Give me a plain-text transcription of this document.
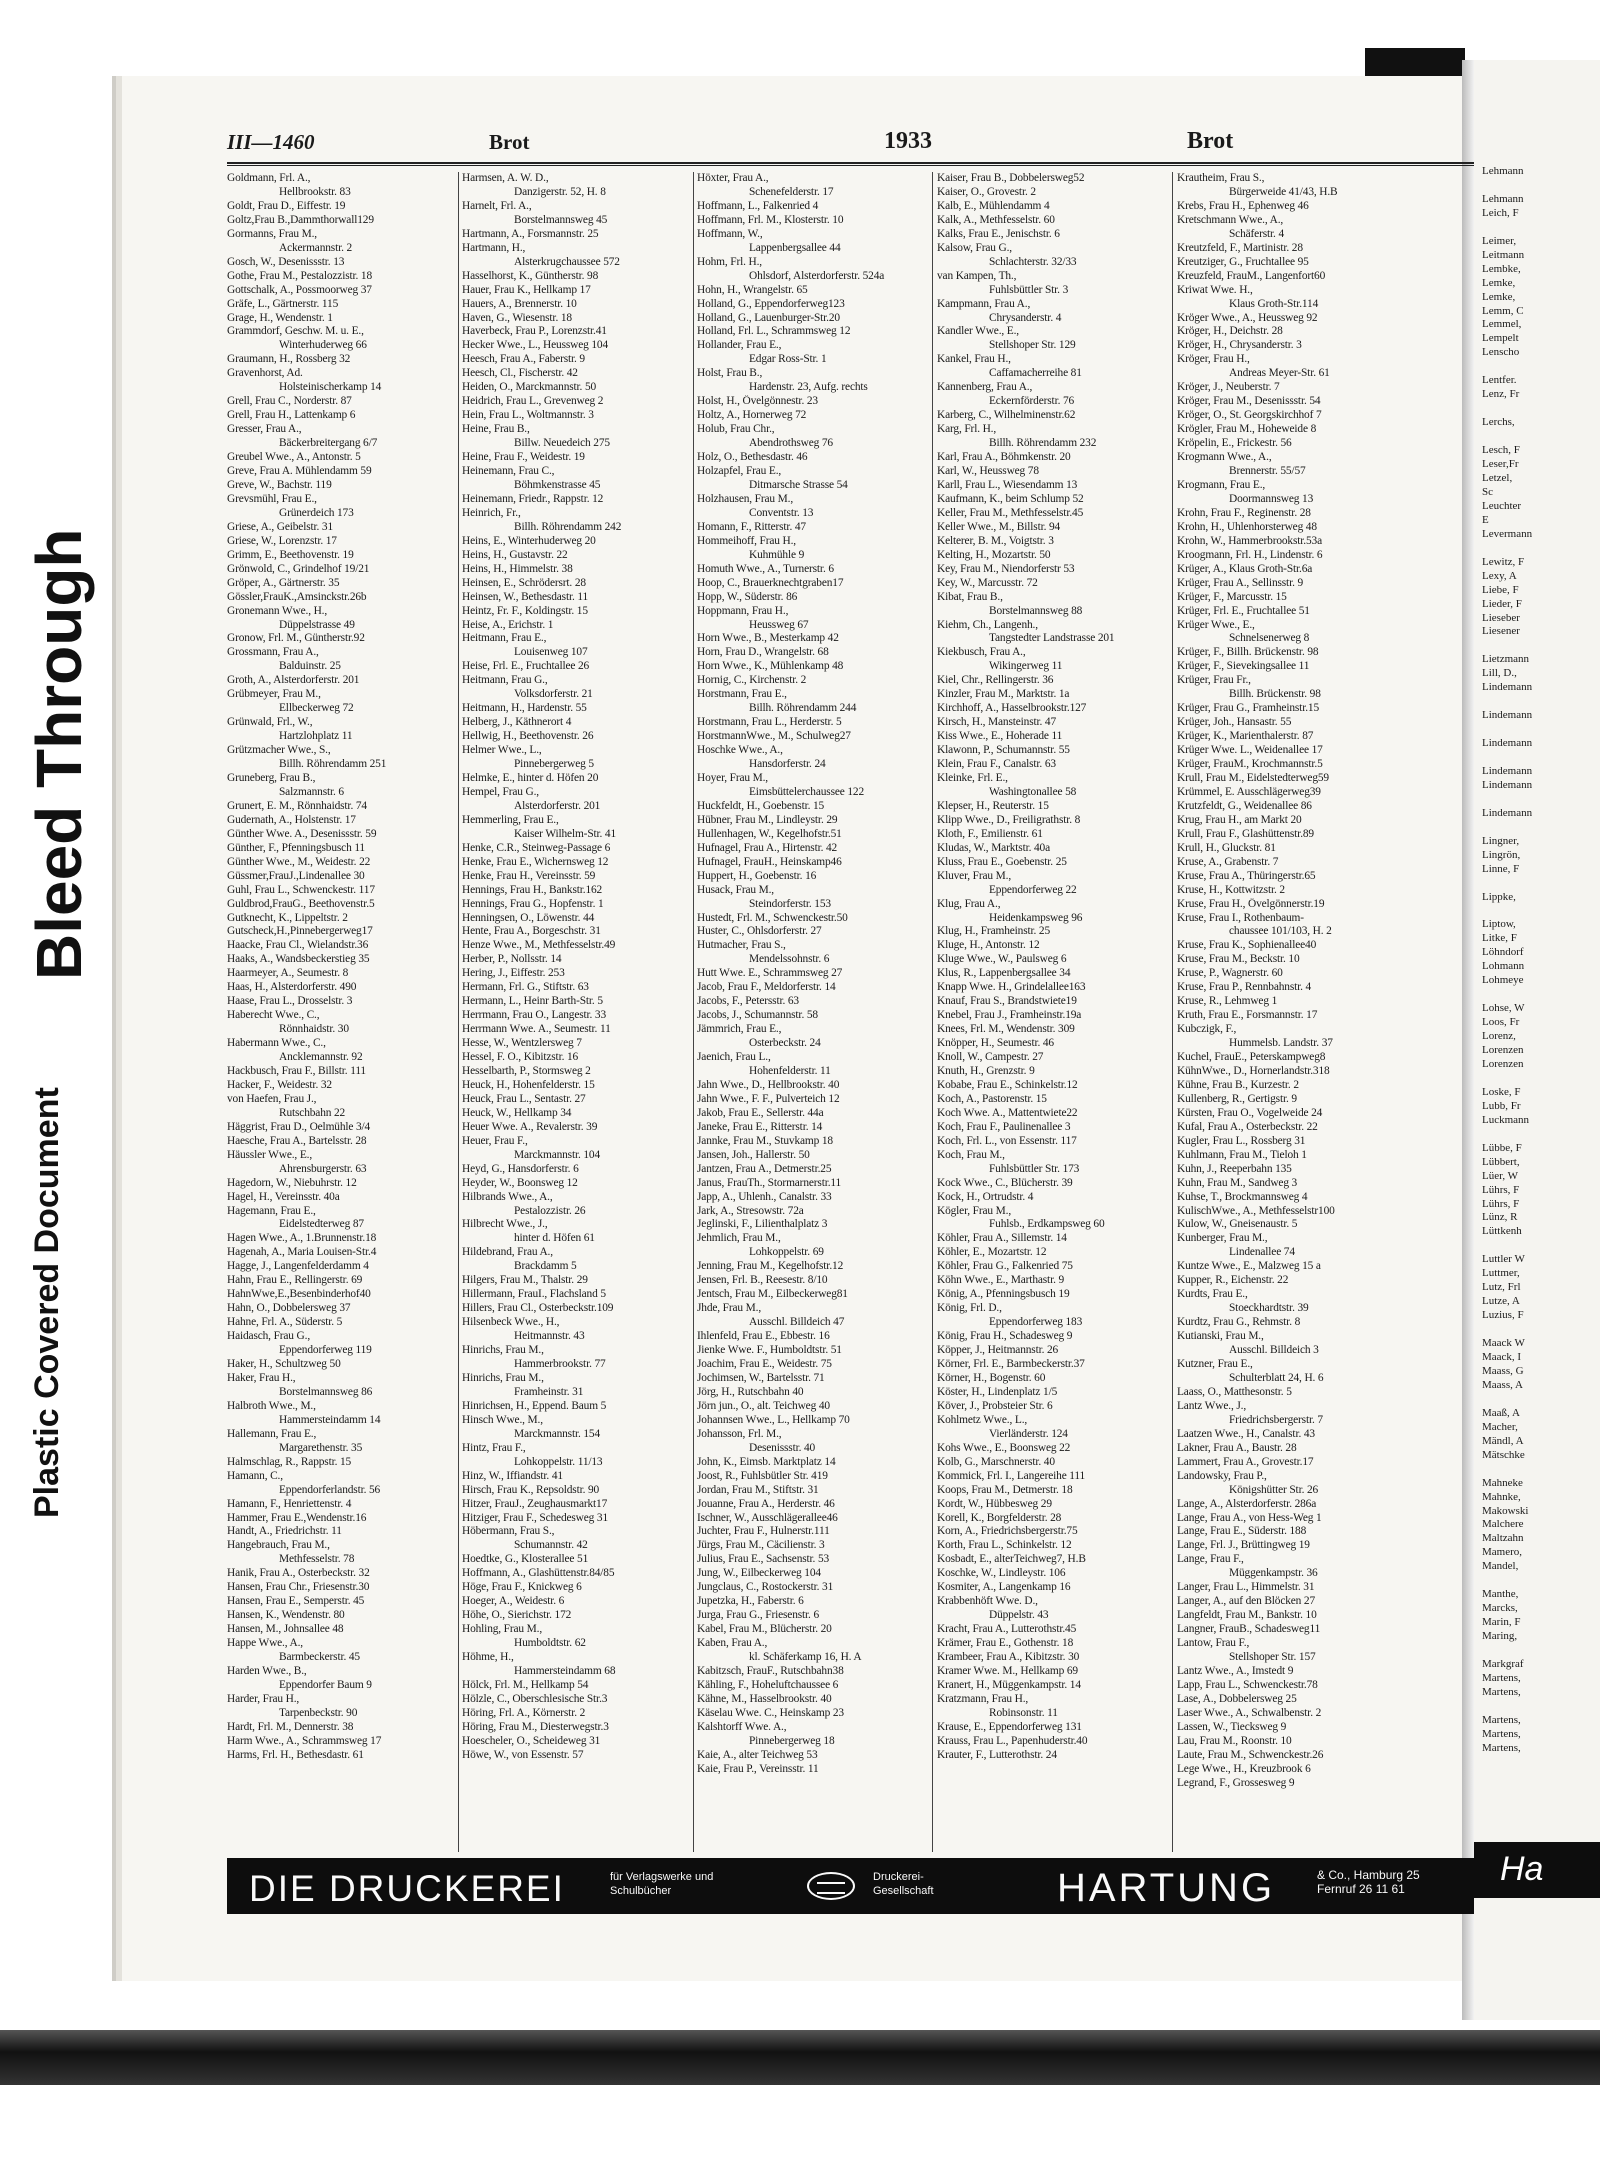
Bleed Through
Plastic Covered Document
III—1460	Brot	1933	Brot
Goldmann, Frl. A.,
Hellbrookstr. 83
Goldt, Frau D., Eiffestr. 19
Goltz,Frau B.,Dammthorwall129
Gormanns, Frau M.,
Ackermannstr. 2
Gosch, W., Desenissstr. 13
Gothe, Frau M., Pestalozzistr. 18
Gottschalk, A., Possmoorweg 37
Gräfe, L., Gärtnerstr. 115
Grage, H., Wendenstr. 1
Grammdorf, Geschw. M. u. E.,
Winterhuderweg 66
Graumann, H., Rossberg 32
Gravenhorst, Ad.
Holsteinischerkamp 14
Grell, Frau C., Norderstr. 87
Grell, Frau H., Lattenkamp 6
Gresser, Frau A.,
Bäckerbreitergang 6/7
Greubel Wwe., A., Antonstr. 5
Greve, Frau A. Mühlendamm 59
Greve, W., Bachstr. 119
Grevsmühl, Frau E.,
Grünerdeich 173
Griese, A., Geibelstr. 31
Griese, W., Lorenzstr. 17
Grimm, E., Beethovenstr. 19
Grönwold, C., Grindelhof 19/21
Gröper, A., Gärtnerstr. 35
Gössler,FrauK.,Amsinckstr.26b
Gronemann Wwe., H.,
Düppelstrasse 49
Gronow, Frl. M., Güntherstr.92
Grossmann, Frau A.,
Balduinstr. 25
Groth, A., Alsterdorferstr. 201
Grübmeyer, Frau M.,
Ellbeckerweg 72
Grünwald, Frl., W.,
Hartzlohplatz 11
Grützmacher Wwe., S.,
Billh. Röhrendamm 251
Gruneberg, Frau B.,
Salzmannstr. 6
Grunert, E. M., Rönnhaidstr. 74
Gudernath, A., Holstenstr. 17
Günther Wwe. A., Desenissstr. 59
Günther, F., Pfenningsbusch 11
Günther Wwe., M., Weidestr. 22
Güssmer,FrauJ.,Lindenallee 30
Guhl, Frau L., Schwenckestr. 117
Guldbrod,FrauG., Beethovenstr.5
Gutknecht, K., Lippeltstr. 2
Gutscheck,H.,Pinnebergerweg17
Haacke, Frau Cl., Wielandstr.36
Haaks, A., Wandsbeckerstieg 35
Haarmeyer, A., Seumestr. 8
Haas, H., Alsterdorferstr. 490
Haase, Frau L., Drosselstr. 3
Haberecht Wwe., C.,
Rönnhaidstr. 30
Habermann Wwe., C.,
Ancklemannstr. 92
Hackbusch, Frau F., Billstr. 111
Hacker, F., Weidestr. 32
von Haefen, Frau J.,
Rutschbahn 22
Häggrist, Frau D., Oelmühle 3/4
Haesche, Frau A., Bartelsstr. 28
Häussler Wwe., E.,
Ahrensburgerstr. 63
Hagedorn, W., Niebuhrstr. 12
Hagel, H., Vereinsstr. 40a
Hagemann, Frau E.,
Eidelstedterweg 87
Hagen Wwe., A., 1.Brunnenstr.18
Hagenah, A., Maria Louisen-Str.4
Hagge, J., Langenfelderdamm 4
Hahn, Frau E., Rellingerstr. 69
HahnWwe,E.,Besenbinderhof40
Hahn, O., Dobbelersweg 37
Hahne, Frl. A., Süderstr. 5
Haidasch, Frau G.,
Eppendorferweg 119
Haker, H., Schultzweg 50
Haker, Frau H.,
Borstelmannsweg 86
Halbroth Wwe., M.,
Hammersteindamm 14
Hallemann, Frau E.,
Margarethenstr. 35
Halmschlag, R., Rappstr. 15
Hamann, C.,
Eppendorferlandstr. 56
Hamann, F., Henriettenstr. 4
Hammer, Frau E.,Wendenstr.16
Handt, A., Friedrichstr. 11
Hangebrauch, Frau M.,
Methfesselstr. 78
Hanik, Frau A., Osterbeckstr. 32
Hansen, Frau Chr., Friesenstr.30
Hansen, Frau E., Semperstr. 45
Hansen, K., Wendenstr. 80
Hansen, M., Johnsallee 48
Happe Wwe., A.,
Barmbeckerstr. 45
Harden Wwe., B.,
Eppendorfer Baum 9
Harder, Frau H.,
Tarpenbeckstr. 90
Hardt, Frl. M., Dennerstr. 38
Harm Wwe., A., Schrammsweg 17
Harms, Frl. H., Bethesdastr. 61
Harmsen, A. W. D.,
Danzigerstr. 52, H. 8
Harnelt, Frl. A.,
Borstelmannsweg 45
Hartmann, A., Forsmannstr. 25
Hartmann, H.,
Alsterkrugchaussee 572
Hasselhorst, K., Güntherstr. 98
Hauer, Frau K., Hellkamp 17
Hauers, A., Brennerstr. 10
Haven, G., Wiesenstr. 18
Haverbeck, Frau P., Lorenzstr.41
Hecker Wwe., L., Heussweg 104
Heesch, Frau A., Faberstr. 9
Heesch, Cl., Fischerstr. 42
Heiden, O., Marckmannstr. 50
Heidrich, Frau L., Grevenweg 2
Hein, Frau L., Woltmannstr. 3
Heine, Frau B.,
Billw. Neuedeich 275
Heine, Frau F., Weidestr. 19
Heinemann, Frau C.,
Böhmkenstrasse 45
Heinemann, Friedr., Rappstr. 12
Heinrich, Fr.,
Billh. Röhrendamm 242
Heins, E., Winterhuderweg 20
Heins, H., Gustavstr. 22
Heins, H., Himmelstr. 38
Heinsen, E., Schrödersrt. 28
Heinsen, W., Bethesdastr. 11
Heintz, Fr. F., Koldingstr. 15
Heise, A., Erichstr. 1
Heitmann, Frau E.,
Louisenweg 107
Heise, Frl. E., Fruchtallee 26
Heitmann, Frau G.,
Volksdorferstr. 21
Heitmann, H., Hardenstr. 55
Helberg, J., Käthnerort 4
Hellwig, H., Beethovenstr. 26
Helmer Wwe., L.,
Pinnebergerweg 5
Helmke, E., hinter d. Höfen 20
Hempel, Frau G.,
Alsterdorferstr. 201
Hemmerling, Frau E.,
Kaiser Wilhelm-Str. 41
Henke, C.R., Steinweg-Passage 6
Henke, Frau E., Wichernsweg 12
Henke, Frau H., Vereinsstr. 59
Hennings, Frau H., Bankstr.162
Hennings, Frau G., Hopfenstr. 1
Henningsen, O., Löwenstr. 44
Hente, Frau A., Borgeschstr. 31
Henze Wwe., M., Methfesselstr.49
Herber, P., Nollsstr. 14
Hering, J., Eiffestr. 253
Hermann, Frl. G., Stiftstr. 63
Hermann, L., Heinr Barth-Str. 5
Herrmann, Frau O., Langestr. 33
Herrmann Wwe. A., Seumestr. 11
Hesse, W., Wentzlersweg 7
Hessel, F. O., Kibitzstr. 16
Hesselbarth, P., Stormsweg 2
Heuck, H., Hohenfelderstr. 15
Heuck, Frau L., Sentastr. 27
Heuck, W., Hellkamp 34
Heuer Wwe. A., Revalerstr. 39
Heuer, Frau F.,
Marckmannstr. 104
Heyd, G., Hansdorferstr. 6
Heyder, W., Boonsweg 12
Hilbrands Wwe., A.,
Pestalozzistr. 26
Hilbrecht Wwe., J.,
hinter d. Höfen 61
Hildebrand, Frau A.,
Brackdamm 5
Hilgers, Frau M., Thalstr. 29
Hillermann, FrauI., Flachsland 5
Hillers, Frau Cl., Osterbeckstr.109
Hilsenbeck Wwe., H.,
Heitmannstr. 43
Hinrichs, Frau M.,
Hammerbrookstr. 77
Hinrichs, Frau M.,
Framheinstr. 31
Hinrichsen, H., Eppend. Baum 5
Hinsch Wwe., M.,
Marckmannstr. 154
Hintz, Frau F.,
Lohkoppelstr. 11/13
Hinz, W., Iffiandstr. 41
Hirsch, Frau K., Repsoldstr. 90
Hitzer, FrauJ., Zeughausmarkt17
Hitziger, Frau F., Schedesweg 31
Höbermann, Frau S.,
Schumannstr. 42
Hoedtke, G., Klosterallee 51
Hoffmann, A., Glashüttenstr.84/85
Höge, Frau F., Knickweg 6
Hoeger, A., Weidestr. 6
Höhe, O., Sierichstr. 172
Hohling, Frau M.,
Humboldtstr. 62
Höhme, H.,
Hammersteindamm 68
Hölck, Frl. M., Hellkamp 54
Hölzle, C., Oberschlesische Str.3
Höring, Frl. A., Körnerstr. 2
Höring, Frau M., Diesterwegstr.3
Hoescheler, O., Scheideweg 31
Höwe, W., von Essenstr. 57
Höxter, Frau A.,
Schenefelderstr. 17
Hoffmann, L., Falkenried 4
Hoffmann, Frl. M., Klosterstr. 10
Hoffmann, W.,
Lappenbergsallee 44
Hohm, Frl. H.,
Ohlsdorf, Alsterdorferstr. 524a
Hohn, H., Wrangelstr. 65
Holland, G., Eppendorferweg123
Holland, G., Lauenburger-Str.20
Holland, Frl. L., Schrammsweg 12
Hollander, Frau E.,
Edgar Ross-Str. 1
Holst, Frau B.,
Hardenstr. 23, Aufg. rechts
Holst, H., Övelgönnestr. 23
Holtz, A., Hornerweg 72
Holub, Frau Chr.,
Abendrothsweg 76
Holz, O., Bethesdastr. 46
Holzapfel, Frau E.,
Ditmarsche Strasse 54
Holzhausen, Frau M.,
Conventstr. 13
Homann, F., Ritterstr. 47
Hommeihoff, Frau H.,
Kuhmühle 9
Homuth Wwe., A., Turnerstr. 6
Hoop, C., Brauerknechtgraben17
Hopp, W., Süderstr. 86
Hoppmann, Frau H.,
Heussweg 67
Horn Wwe., B., Mesterkamp 42
Horn, Frau D., Wrangelstr. 68
Horn Wwe., K., Mühlenkamp 48
Hornig, C., Kirchenstr. 2
Horstmann, Frau E.,
Billh. Röhrendamm 244
Horstmann, Frau L., Herderstr. 5
HorstmannWwe., M., Schulweg27
Hoschke Wwe., A.,
Hansdorferstr. 24
Hoyer, Frau M.,
Eimsbüttelerchaussee 122
Huckfeldt, H., Goebenstr. 15
Hübner, Frau M., Lindleystr. 29
Hullenhagen, W., Kegelhofstr.51
Hufnagel, Frau A., Hirtenstr. 42
Hufnagel, FrauH., Heinskamp46
Huppert, H., Goebenstr. 16
Husack, Frau M.,
Steindorferstr. 153
Hustedt, Frl. M., Schwenckestr.50
Huster, C., Ohlsdorferstr. 27
Hutmacher, Frau S.,
Mendelssohnstr. 6
Hutt Wwe. E., Schrammsweg 27
Jacob, Frau F., Meldorferstr. 14
Jacobs, F., Petersstr. 63
Jacobs, J., Schumannstr. 58
Jämmrich, Frau E.,
Osterbeckstr. 24
Jaenich, Frau L.,
Hohenfelderstr. 11
Jahn Wwe., D., Hellbrookstr. 40
Jahn Wwe., F. F., Pulverteich 12
Jakob, Frau E., Sellerstr. 44a
Janeke, Frau E., Ritterstr. 14
Jannke, Frau M., Stuvkamp 18
Jansen, Joh., Hallerstr. 50
Jantzen, Frau A., Detmerstr.25
Janus, FrauTh., Stormarnerstr.11
Japp, A., Uhlenh., Canalstr. 33
Jark, A., Stresowstr. 72a
Jeglinski, F., Lilienthalplatz 3
Jehmlich, Frau M.,
Lohkoppelstr. 69
Jenning, Frau M., Kegelhofstr.12
Jensen, Frl. B., Reesestr. 8/10
Jentsch, Frau M., Eilbeckerweg81
Jhde, Frau M.,
Ausschl. Billdeich 47
Ihlenfeld, Frau E., Ebbestr. 16
Jienke Wwe. F., Humboldtstr. 51
Joachim, Frau E., Weidestr. 75
Jochimsen, W., Bartelsstr. 71
Jörg, H., Rutschbahn 40
Jörn jun., O., alt. Teichweg 40
Johannsen Wwe., L., Hellkamp 70
Johansson, Frl. M.,
Desenissstr. 40
John, K., Eimsb. Marktplatz 14
Joost, R., Fuhlsbütler Str. 419
Jordan, Frau M., Stiftstr. 31
Jouanne, Frau A., Herderstr. 46
Ischner, W., Ausschlägerallee46
Juchter, Frau F., Hulnerstr.111
Jürgs, Frau M., Cäcilienstr. 3
Julius, Frau E., Sachsenstr. 53
Jung, W., Eilbeckerweg 104
Jungclaus, C., Rostockerstr. 31
Jupetzka, H., Faberstr. 6
Jurga, Frau G., Friesenstr. 6
Kabel, Frau M., Blücherstr. 20
Kaben, Frau A.,
kl. Schäferkamp 16, H. A
Kabitzsch, FrauF., Rutschbahn38
Kähling, F., Hoheluftchaussee 6
Kähne, M., Hasselbrookstr. 40
Käselau Wwe. C., Heinskamp 23
Kalshtorff Wwe. A.,
Pinnebergerweg 18
Kaie, A., alter Teichweg 53
Kaie, Frau P., Vereinsstr. 11
Kaiser, Frau B., Dobbelersweg52
Kaiser, O., Grovestr. 2
Kalb, E., Mühlendamm 4
Kalk, A., Methfesselstr. 60
Kalks, Frau E., Jenischstr. 6
Kalsow, Frau G.,
Schlachterstr. 32/33
van Kampen, Th.,
Fuhlsbüttler Str. 3
Kampmann, Frau A.,
Chrysanderstr. 4
Kandler Wwe., E.,
Stellshoper Str. 129
Kankel, Frau H.,
Caffamacherreihe 81
Kannenberg, Frau A.,
Eckernförderstr. 76
Karberg, C., Wilhelminenstr.62
Karg, Frl. H.,
Billh. Röhrendamm 232
Karl, Frau A., Böhmkenstr. 20
Karl, W., Heussweg 78
Karll, Frau L., Wiesendamm 13
Kaufmann, K., beim Schlump 52
Keller, Frau M., Methfesselstr.45
Keller Wwe., M., Billstr. 94
Kelterer, B. M., Voigtstr. 3
Kelting, H., Mozartstr. 50
Key, Frau M., Niendorferstr 53
Key, W., Marcusstr. 72
Kibat, Frau B.,
Borstelmannsweg 88
Kiehm, Ch., Langenh.,
Tangstedter Landstrasse 201
Kiekbusch, Frau A.,
Wikingerweg 11
Kiel, Chr., Rellingerstr. 36
Kinzler, Frau M., Marktstr. 1a
Kirchhoff, A., Hasselbrookstr.127
Kirsch, H., Mansteinstr. 47
Kiss Wwe., E., Hoherade 11
Klawonn, P., Schumannstr. 55
Klein, Frau F., Canalstr. 63
Kleinke, Frl. E.,
Washingtonallee 58
Klepser, H., Reuterstr. 15
Klipp Wwe., D., Freiligrathstr. 8
Kloth, F., Emilienstr. 61
Kludas, W., Marktstr. 40a
Kluss, Frau E., Goebenstr. 25
Kluver, Frau M.,
Eppendorferweg 22
Klug, Frau A.,
Heidenkampsweg 96
Klug, H., Framheinstr. 25
Kluge, H., Antonstr. 12
Kluge Wwe., W., Paulsweg 6
Klus, R., Lappenbergsallee 34
Knapp Wwe. H., Grindelallee163
Knauf, Frau S., Brandstwiete19
Knebel, Frau J., Framheinstr.19a
Knees, Frl. M., Wendenstr. 309
Knöpper, H., Seumestr. 46
Knoll, W., Campestr. 27
Knuth, H., Grenzstr. 9
Kobabe, Frau E., Schinkelstr.12
Koch, A., Pastorenstr. 15
Koch Wwe. A., Mattentwiete22
Koch, Frau F., Paulinenallee 3
Koch, Frl. L., von Essenstr. 117
Koch, Frau M.,
Fuhlsbüttler Str. 173
Kock Wwe., C., Blücherstr. 39
Kock, H., Ortrudstr. 4
Kögler, Frau M.,
Fuhlsb., Erdkampsweg 60
Köhler, Frau A., Sillemstr. 14
Köhler, E., Mozartstr. 12
Köhler, Frau G., Falkenried 75
Köhn Wwe., E., Marthastr. 9
König, A., Pfenningsbusch 19
König, Frl. D.,
Eppendorferweg 183
König, Frau H., Schadesweg 9
Köpper, J., Heitmannstr. 26
Körner, Frl. E., Barmbeckerstr.37
Körner, H., Bogenstr. 60
Köster, H., Lindenplatz 1/5
Köver, J., Probsteier Str. 6
Kohlmetz Wwe., L.,
Vierländerstr. 124
Kohs Wwe., E., Boonsweg 22
Kolb, G., Marschnerstr. 40
Kommick, Frl. I., Langereihe 111
Koops, Frau M., Detmerstr. 18
Kordt, W., Hübbesweg 29
Korell, K., Borgfelderstr. 28
Korn, A., Friedrichsbergerstr.75
Korth, Frau L., Schinkelstr. 12
Kosbadt, E., alterTeichweg7, H.B
Koschke, W., Lindleystr. 106
Kosmiter, A., Langenkamp 16
Krabbenhöft Wwe. D.,
Düppelstr. 43
Kracht, Frau A., Lutterothstr.45
Krämer, Frau E., Gothenstr. 18
Krambeer, Frau A., Kibitzstr. 30
Kramer Wwe. M., Hellkamp 69
Kranert, H., Müggenkampstr. 14
Kratzmann, Frau H.,
Robinsonstr. 11
Krause, E., Eppendorferweg 131
Krauss, Frau L., Papenhuderstr.40
Krauter, F., Lutterothstr. 24
Krautheim, Frau S.,
Bürgerweide 41/43, H.B
Krebs, Frau H., Ephenweg 46
Kretschmann Wwe., A.,
Schäferstr. 4
Kreutzfeld, F., Martinistr. 28
Kreutziger, G., Fruchtallee 95
Kreuzfeld, FrauM., Langenfort60
Kriwat Wwe. H.,
Klaus Groth-Str.114
Kröger Wwe., A., Heussweg 92
Kröger, H., Deichstr. 28
Kröger, H., Chrysanderstr. 3
Kröger, Frau H.,
Andreas Meyer-Str. 61
Kröger, J., Neuberstr. 7
Kröger, Frau M., Desenissstr. 54
Kröger, O., St. Georgskirchhof 7
Krögler, Frau M., Hoheweide 8
Kröpelin, E., Frickestr. 56
Krogmann Wwe., A.,
Brennerstr. 55/57
Krogmann, Frau E.,
Doormannsweg 13
Krohn, Frau F., Reginenstr. 28
Krohn, H., Uhlenhorsterweg 48
Krohn, W., Hammerbrookstr.53a
Kroogmann, Frl. H., Lindenstr. 6
Krüger, A., Klaus Groth-Str.6a
Krüger, Frau A., Sellinsstr. 9
Krüger, F., Marcusstr. 15
Krüger, Frl. E., Fruchtallee 51
Krüger Wwe., E.,
Schnelsenerweg 8
Krüger, F., Billh. Brückenstr. 98
Krüger, F., Sievekingsallee 11
Krüger, Frau Fr.,
Billh. Brückenstr. 98
Krüger, Frau G., Framheinstr.15
Krüger, Joh., Hansastr. 55
Krüger, K., Marienthalerstr. 87
Krüger Wwe. L., Weidenallee 17
Krüger, FrauM., Krochmannstr.5
Krull, Frau M., Eidelstedterweg59
Krümmel, E. Ausschlägerweg39
Krutzfeldt, G., Weidenallee 86
Krug, Frau H., am Markt 20
Krull, Frau F., Glashüttenstr.89
Krull, H., Gluckstr. 81
Kruse, A., Grabenstr. 7
Kruse, Frau A., Thüringerstr.65
Kruse, H., Kottwitzstr. 2
Kruse, Frau H., Övelgönnerstr.19
Kruse, Frau I., Rothenbaum-
chaussee 101/103, H. 2
Kruse, Frau K., Sophienallee40
Kruse, Frau M., Beckstr. 10
Kruse, P., Wagnerstr. 60
Kruse, Frau P., Rennbahnstr. 4
Kruse, R., Lehmweg 1
Kruth, Frau E., Forsmannstr. 17
Kubczigk, F.,
Hummelsb. Landstr. 37
Kuchel, FrauE., Peterskampweg8
KühnWwe., D., Hornerlandstr.318
Kühne, Frau B., Kurzestr. 2
Kullenberg, R., Gertigstr. 9
Kürsten, Frau O., Vogelweide 24
Kufal, Frau A., Osterbeckstr. 22
Kugler, Frau L., Rossberg 31
Kuhlmann, Frau M., Tieloh 1
Kuhn, J., Reeperbahn 135
Kuhn, Frau M., Sandweg 3
Kuhse, T., Brockmannsweg 4
KulischWwe., A., Methfesselstr100
Kulow, W., Gneisenaustr. 5
Kunberger, Frau M.,
Lindenallee 74
Kuntze Wwe., E., Malzweg 15 a
Kupper, R., Eichenstr. 22
Kurdts, Frau E.,
Stoeckhardtstr. 39
Kurdtz, Frau G., Rehmstr. 8
Kutianski, Frau M.,
Ausschl. Billdeich 3
Kutzner, Frau E.,
Schulterblatt 24, H. 6
Laass, O., Matthesonstr. 5
Lantz Wwe., J.,
Friedrichsbergerstr. 7
Laatzen Wwe., H., Canalstr. 43
Lakner, Frau A., Baustr. 28
Lammert, Frau A., Grovestr.17
Landowsky, Frau P.,
Königshütter Str. 26
Lange, A., Alsterdorferstr. 286a
Lange, Frau A., von Hess-Weg 1
Lange, Frau E., Süderstr. 188
Lange, Frl. J., Brüttingweg 19
Lange, Frau F.,
Müggenkampstr. 36
Langer, Frau L., Himmelstr. 31
Langer, A., auf den Blöcken 27
Langfeldt, Frau M., Bankstr. 10
Langner, FrauB., Schadesweg11
Lantow, Frau F.,
Stellshoper Str. 157
Lantz Wwe., A., Imstedt 9
Lapp, Frau L., Schwenckestr.78
Lase, A., Dobbelersweg 25
Laser Wwe., A., Schwalbenstr. 2
Lassen, W., Tiecksweg 9
Lau, Frau M., Roonstr. 10
Laute, Frau M., Schwenckestr.26
Lege Wwe., H., Kreuzbrook 6
Legrand, F., Grossesweg 9
DIE DRUCKEREI	für Verlagswerke und
Schulbücher
Druckerei-
Gesellschaft	HARTUNG	& Co., Hamburg 25
Fernruf 26 11 61
Lehmann

Lehmann
Leich, F

Leimer,
Leitmann
Lembke,
Lemke,
Lemke,
Lemm, C
Lemmel,
Lempelt
Lenscho

Lentfer.
Lenz, Fr

Lerchs,

Lesch, F
Leser,Fr
Letzel,
Sc
Leuchter
E
Levermann

Lewitz, F
Lexy, A
Liebe, F
Lieder, F
Lieseber
Liesener

Lietzmann
Lill, D.,
Lindemann

Lindemann

Lindemann

Lindemann
Lindemann

Lindemann

Lingner,
Lingrön,
Linne, F

Lippke,

Liptow,
Litke, F
Löhndorf
Lohmann
Lohmeye

Lohse, W
Loos, Fr
Lorenz,
Lorenzen
Lorenzen

Loske, F
Lubb, Fr
Luckmann

Lübbe, F
Lübbert,
Lüer, W
Lührs, F
Lührs, F
Lünz, R
Lüttkenh

Luttler W
Luttmer,
Lutz, Frl
Lutze, A
Luzius, F

Maack W
Maack, I
Maass, G
Maass, A

Maaß, A
Macher,
Mändl, A
Mätschke

Mahneke
Mahnke,
Makowski
Malchere
Maltzahn
Mamero,
Mandel,

Manthe,
Marcks,
Marin, F
Maring,

Markgraf
Martens,
Martens,

Martens,
Martens,
Martens,
Ha
